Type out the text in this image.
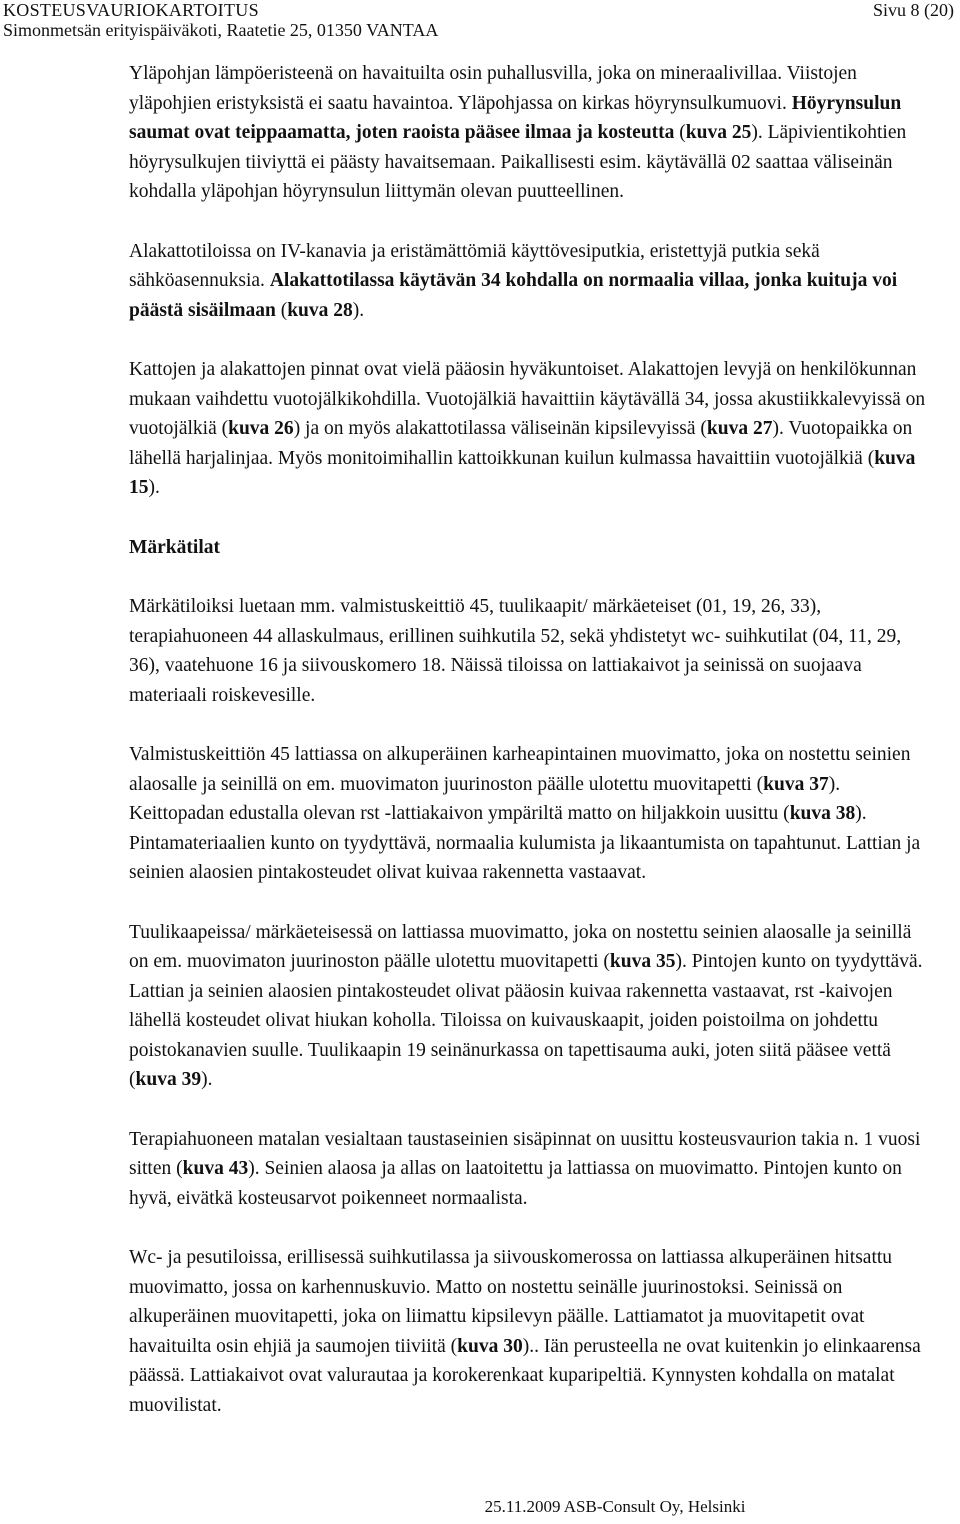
KOSTEUSVAURIOKARTOITUS	Sivu 8 (20)
Simonmetsän erityispäiväkoti, Raatetie 25, 01350 VANTAA

Yläpohjan lämpöeristeenä on havaituilta osin puhallusvilla, joka on mineraalivillaa. Viistojen yläpohjien eristyksistä ei saatu havaintoa. Yläpohjassa on kirkas höyrynsulkumuovi. Höyrynsulun saumat ovat teippaamatta, joten raoista pääsee ilmaa ja kosteutta (kuva 25). Läpivientikohtien höyrysulkujen tiiviyttä ei päästy havaitsemaan. Paikallisesti esim. käytävällä 02 saattaa väliseinän kohdalla yläpohjan höyrynsulun liittymän olevan puutteellinen.

Alakattotiloissa on IV-kanavia ja eristämättömiä käyttövesiputkia, eristettyjä putkia sekä sähköasennuksia. Alakattotilassa käytävän 34 kohdalla on normaalia villaa, jonka kuituja voi päästä sisäilmaan (kuva 28).

Kattojen ja alakattojen pinnat ovat vielä pääosin hyväkuntoiset. Alakattojen levyjä on henkilökunnan mukaan vaihdettu vuotojälkikohdilla. Vuotojälkiä havaittiin käytävällä 34, jossa akustiikkalevyissä on vuotojälkiä (kuva 26) ja on myös alakattotilassa väliseinän kipsilevyissä (kuva 27). Vuotopaikka on lähellä harjalinjaa. Myös monitoimihallin kattoikkunan kuilun kulmassa havaittiin vuotojälkiä (kuva 15).

Märkätilat

Märkätiloiksi luetaan mm. valmistuskeittiö 45, tuulikaapit/ märkäeteiset (01, 19, 26, 33), terapiahuoneen 44 allaskulmaus, erillinen suihkutila 52, sekä yhdistetyt wc- suihkutilat (04, 11, 29, 36), vaatehuone 16 ja siivouskomero 18. Näissä tiloissa on lattiakaivot ja seinissä on suojaava materiaali roiskevesille.

Valmistuskeittiön 45 lattiassa on alkuperäinen karheapintainen muovimatto, joka on nostettu seinien alaosalle ja seinillä on em. muovimaton juurinoston päälle ulotettu muovitapetti (kuva 37). Keittopadan edustalla olevan rst -lattiakaivon ympäriltä matto on hiljakkoin uusittu (kuva 38). Pintamateriaalien kunto on tyydyttävä, normaalia kulumista ja likaantumista on tapahtunut. Lattian ja seinien alaosien pintakosteudet olivat kuivaa rakennetta vastaavat.

Tuulikaapeissa/ märkäeteisessä on lattiassa muovimatto, joka on nostettu seinien alaosalle ja seinillä on em. muovimaton juurinoston päälle ulotettu muovitapetti (kuva 35). Pintojen kunto on tyydyttävä. Lattian ja seinien alaosien pintakosteudet olivat pääosin kuivaa rakennetta vastaavat, rst -kaivojen lähellä kosteudet olivat hiukan koholla. Tiloissa on kuivauskaapit, joiden poistoilma on johdettu poistokanavien suulle. Tuulikaapin 19 seinänurkassa on tapettisauma auki, joten siitä pääsee vettä (kuva 39).

Terapiahuoneen matalan vesialtaan taustaseinien sisäpinnat on uusittu kosteusvaurion takia n. 1 vuosi sitten (kuva 43). Seinien alaosa ja allas on laatoitettu ja lattiassa on muovimatto. Pintojen kunto on hyvä, eivätkä kosteusarvot poikenneet normaalista.

Wc- ja pesutiloissa, erillisessä suihkutilassa ja siivouskomerossa on lattiassa alkuperäinen hitsattu muovimatto, jossa on karhennuskuvio. Matto on nostettu seinälle juurinostoksi. Seinissä on alkuperäinen muovitapetti, joka on liimattu kipsilevyn päälle. Lattiamatot ja muovitapetit ovat havaituilta osin ehjiä ja saumojen tiiviitä (kuva 30).. Iän perusteella ne ovat kuitenkin jo elinkaarensa päässä. Lattiakaivot ovat valurautaa ja korokerenkaat kuparipeltiä. Kynnysten kohdalla on matalat muovilistat.

25.11.2009 ASB-Consult Oy, Helsinki
